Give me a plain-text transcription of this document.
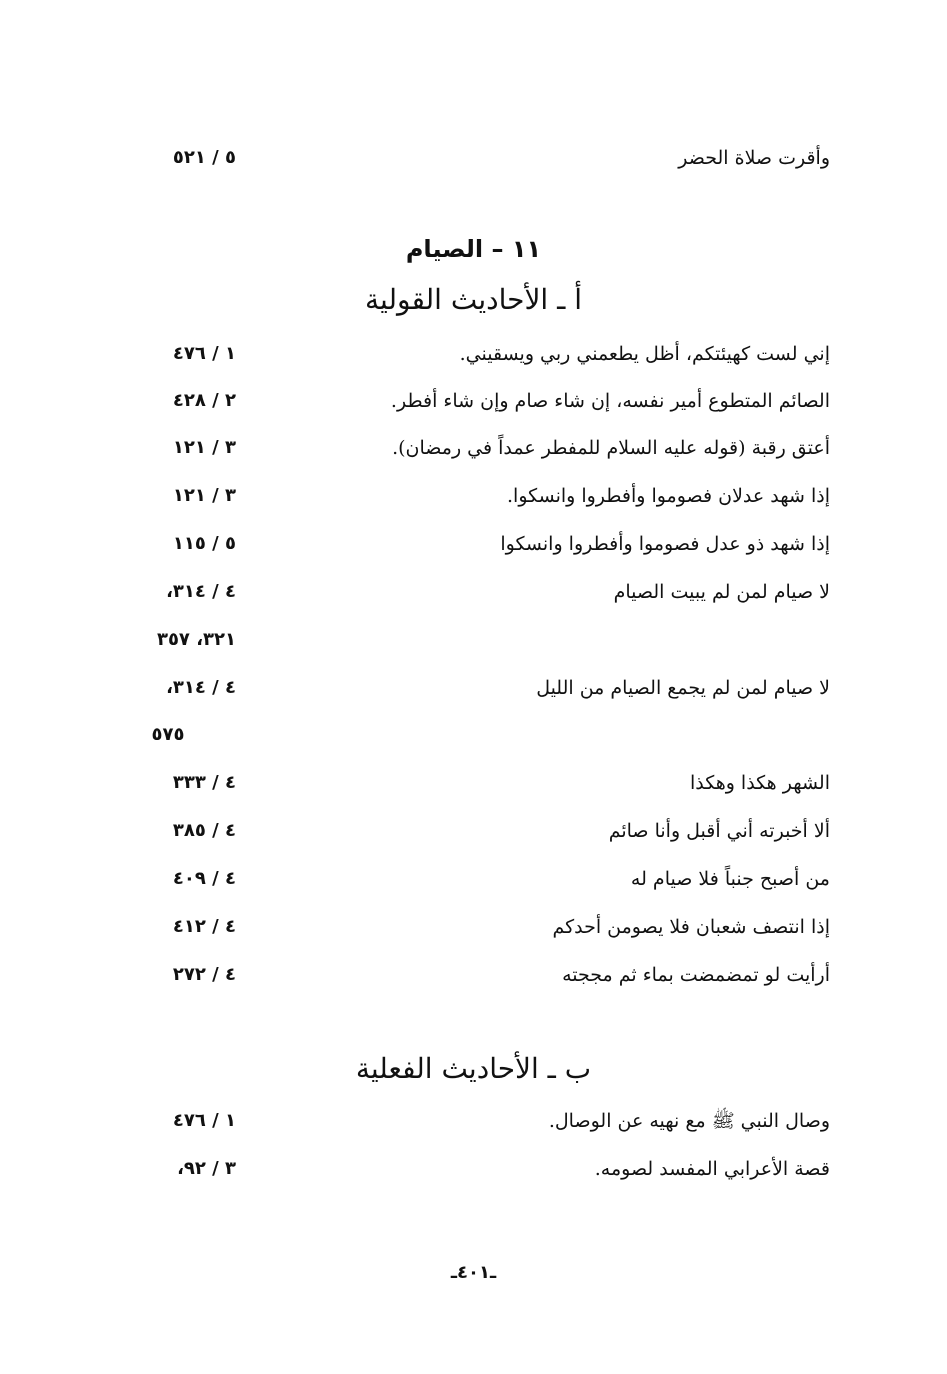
وأقرت صلاة الحضر
٥ / ٥٢١
١١ – الصيام
أ ـ الأحاديث القولية
إني لست كهيئتكم، أظل يطعمني ربي ويسقيني.
١ / ٤٧٦
الصائم المتطوع أمير نفسه، إن شاء صام وإن شاء أفطر.
٢ / ٤٢٨
أعتق رقبة (قوله عليه السلام للمفطر عمداً في رمضان).
٣ / ١٢١
إذا شهد عدلان فصوموا وأفطروا وانسكوا.
٣ / ١٢١
إذا شهد ذو عدل فصوموا وأفطروا وانسكوا
٥ / ١١٥
لا صيام لمن لم يبيت الصيام
٤ / ٣١٤،
٣٢١، ٣٥٧
لا صيام لمن لم يجمع الصيام من الليل
٤ / ٣١٤،
٥٧٥
الشهر هكذا وهكذا
٤ / ٣٣٣
ألا أخبرته أني أقبل وأنا صائم
٤ / ٣٨٥
من أصبح جنباً فلا صيام له
٤ / ٤٠٩
إذا انتصف شعبان فلا يصومن أحدكم
٤ / ٤١٢
أرأيت لو تمضمضت بماء ثم مججته
٤ / ٢٧٢
ب ـ الأحاديث الفعلية
وصال النبي ﷺ مع نهيه عن الوصال.
١ / ٤٧٦
قصة الأعرابي المفسد لصومه.
٣ / ٩٢،
ـ٤٠١ـ
